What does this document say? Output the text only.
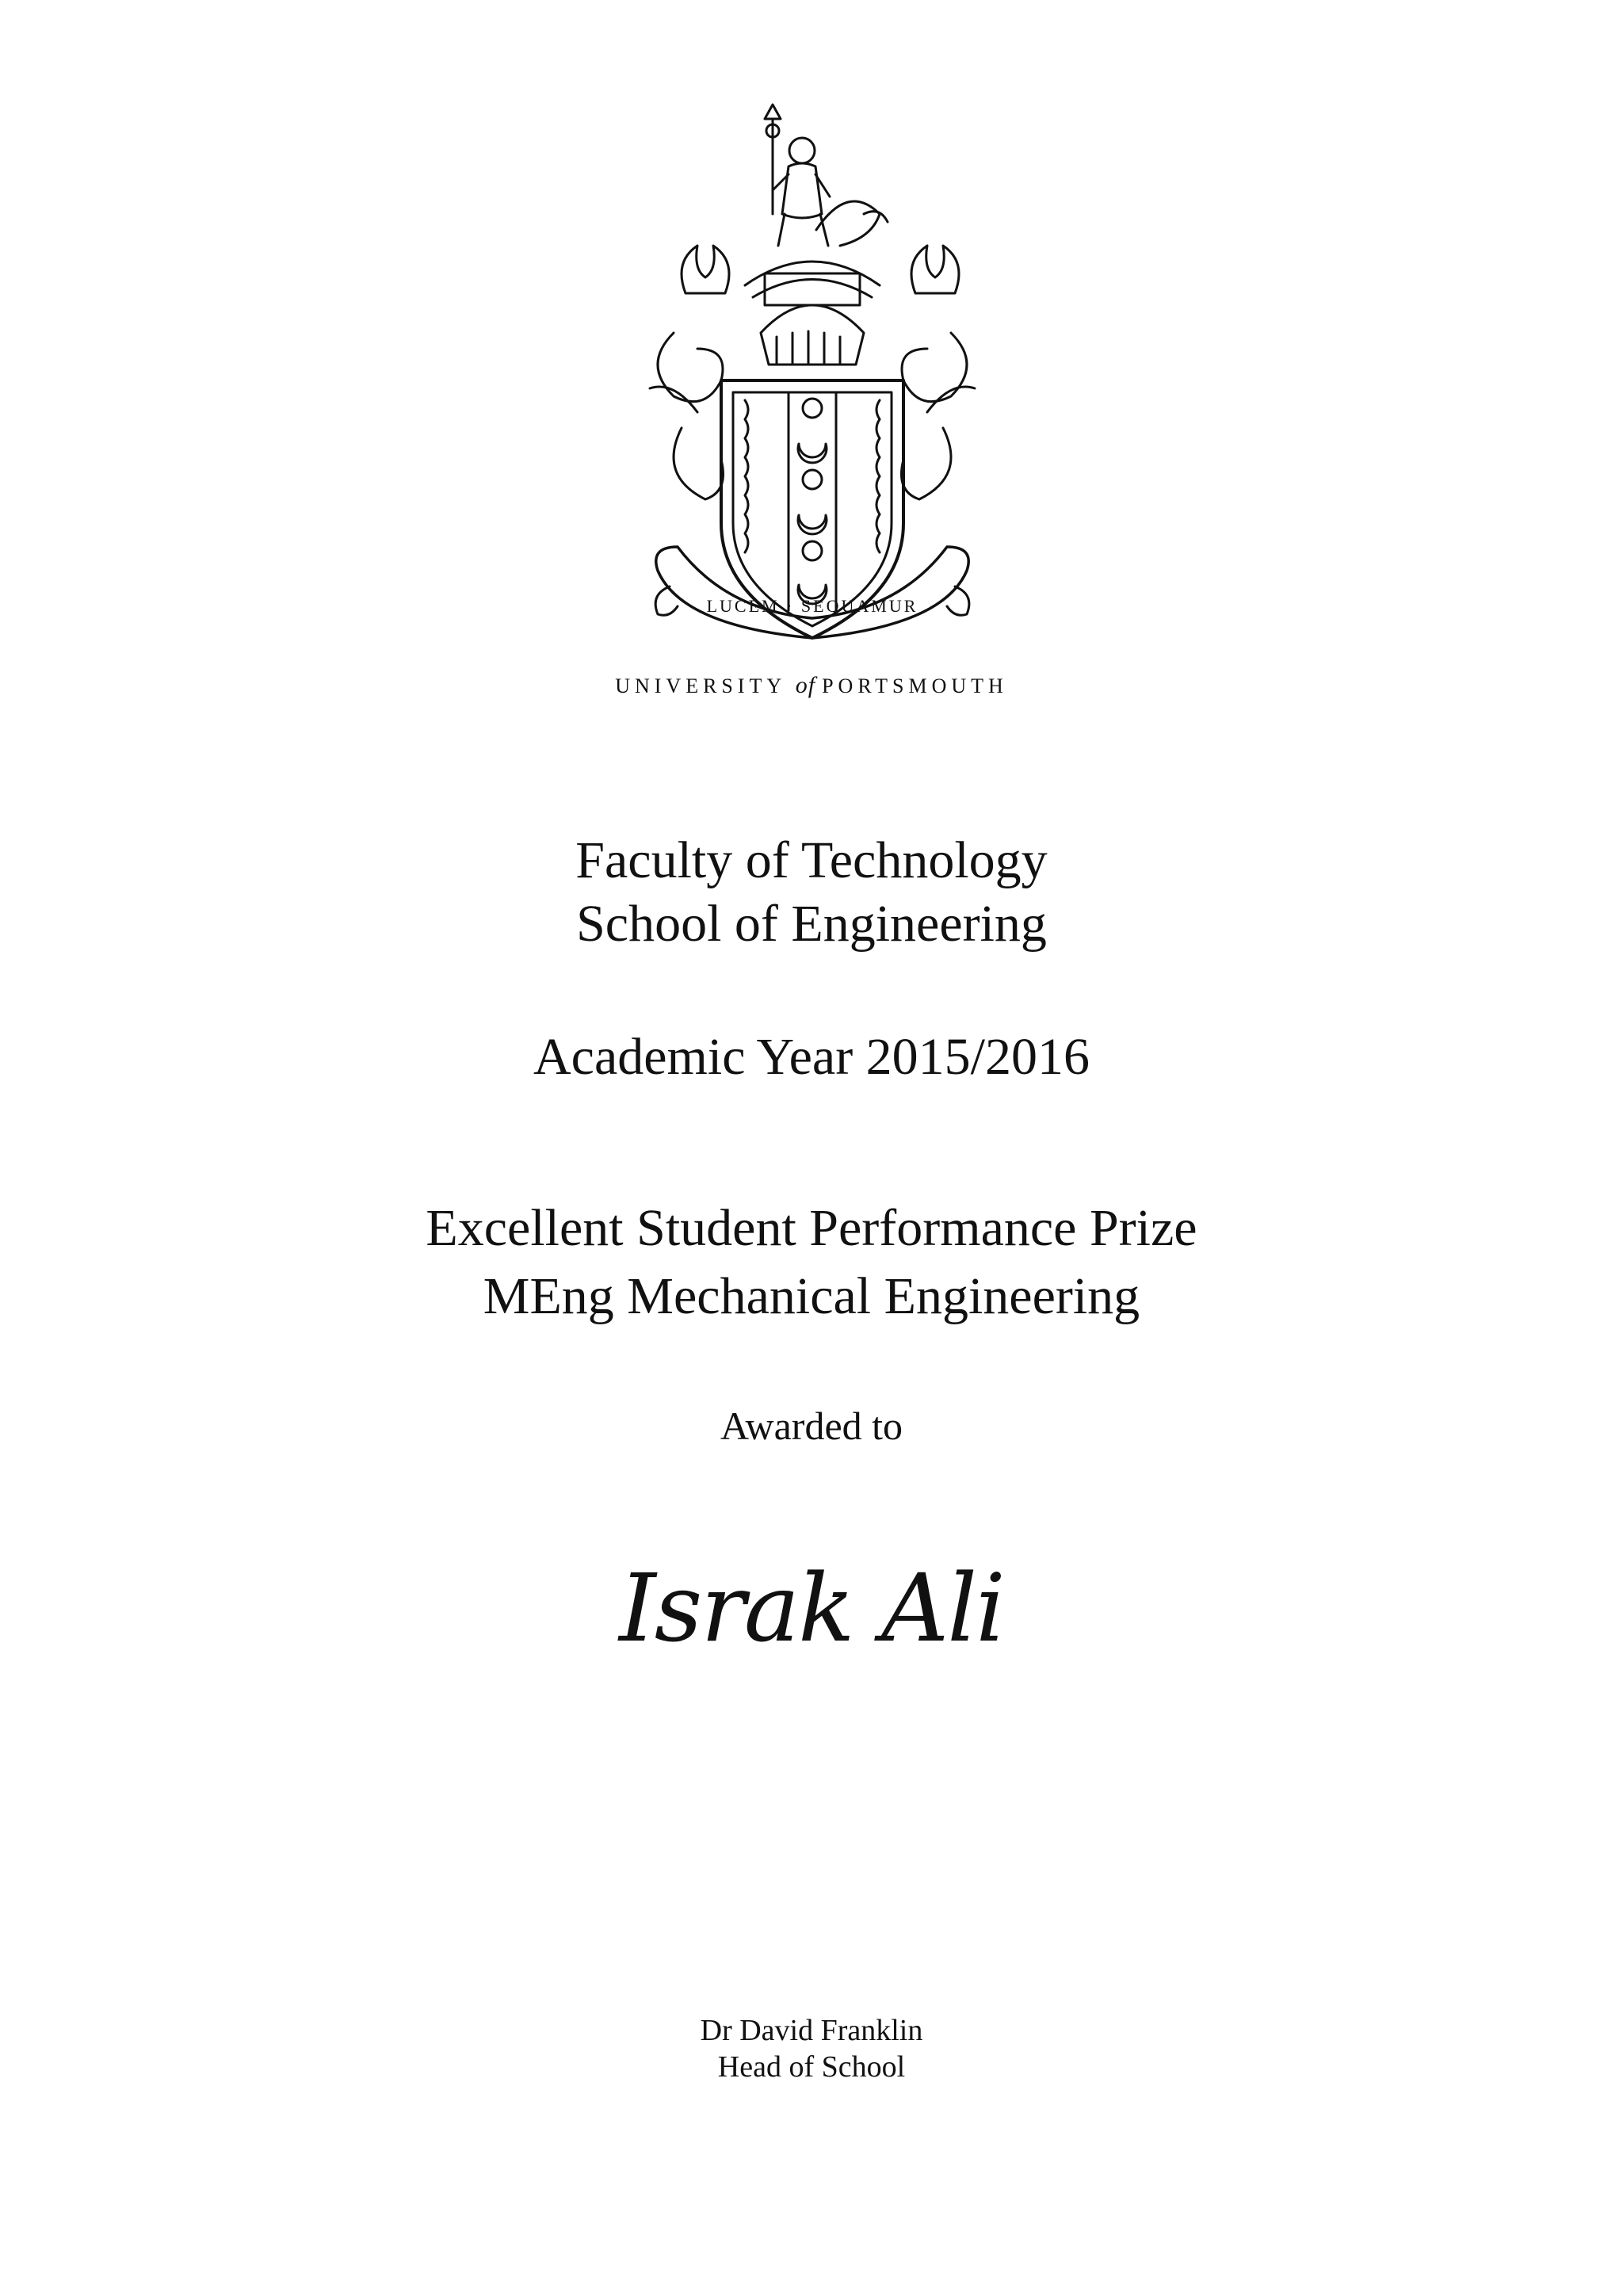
LUCEM · SEQUAMUR
UNIVERSITY of PORTSMOUTH
Faculty of Technology
School of Engineering
Academic Year 2015/2016
Excellent Student Performance Prize
MEng Mechanical Engineering
Awarded to
Israk Ali
Dr David Franklin
Head of School
